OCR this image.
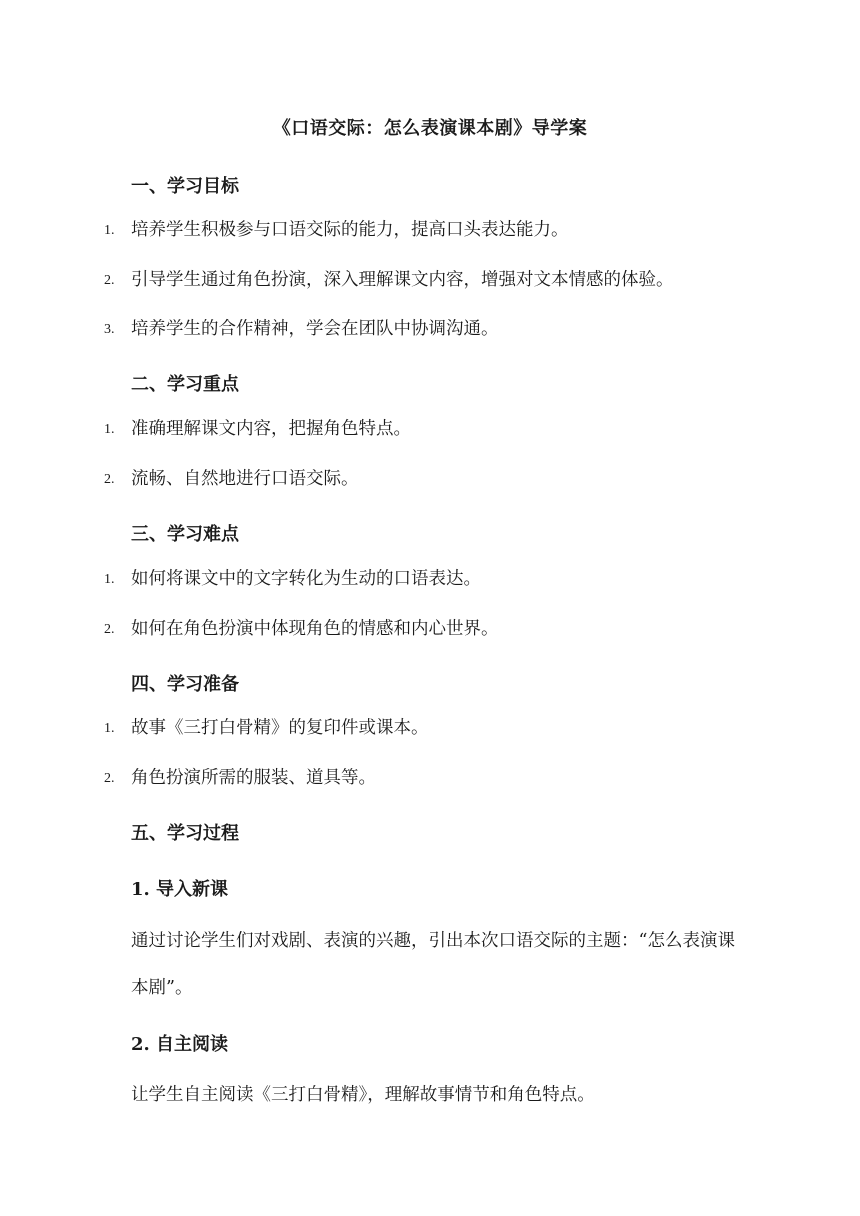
《口语交际：怎么表演课本剧》导学案
一、学习目标
1. 培养学生积极参与口语交际的能力，提高口头表达能力。
2. 引导学生通过角色扮演，深入理解课文内容，增强对文本情感的体验。
3. 培养学生的合作精神，学会在团队中协调沟通。
二、学习重点
1. 准确理解课文内容，把握角色特点。
2. 流畅、自然地进行口语交际。
三、学习难点
1. 如何将课文中的文字转化为生动的口语表达。
2. 如何在角色扮演中体现角色的情感和内心世界。
四、学习准备
1. 故事《三打白骨精》的复印件或课本。
2. 角色扮演所需的服装、道具等。
五、学习过程
1. 导入新课
通过讨论学生们对戏剧、表演的兴趣，引出本次口语交际的主题：“怎么表演课本剧”。
2. 自主阅读
让学生自主阅读《三打白骨精》，理解故事情节和角色特点。
